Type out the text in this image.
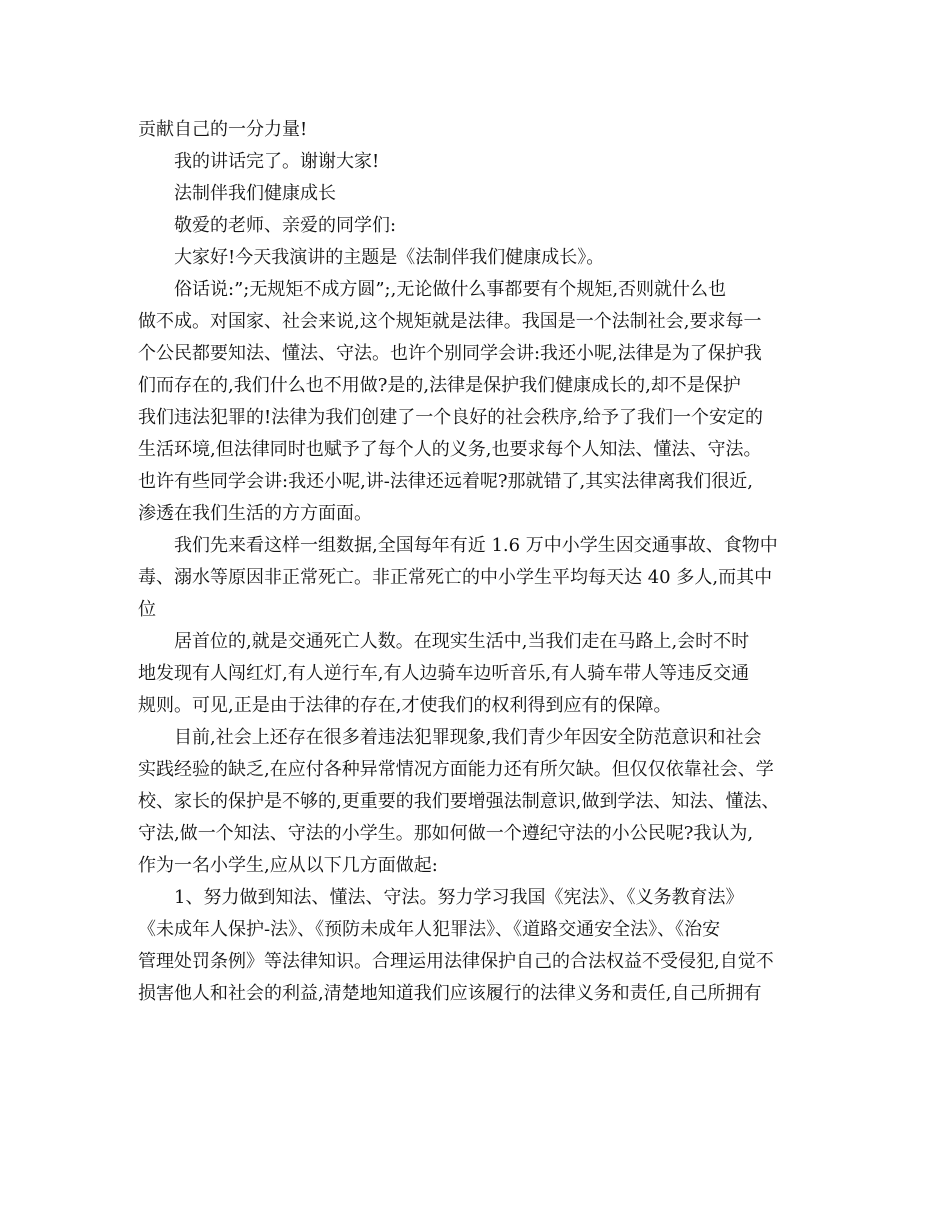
贡献自己的一分力量!
我的讲话完了。谢谢大家!
法制伴我们健康成长
敬爱的老师、亲爱的同学们:
大家好!今天我演讲的主题是《法制伴我们健康成长》。
俗话说:”;无规矩不成方圆”;,无论做什么事都要有个规矩,否则就什么也
做不成。对国家、社会来说,这个规矩就是法律。我国是一个法制社会,要求每一
个公民都要知法、懂法、守法。也许个别同学会讲:我还小呢,法律是为了保护我
们而存在的,我们什么也不用做?是的,法律是保护我们健康成长的,却不是保护
我们违法犯罪的!法律为我们创建了一个良好的社会秩序,给予了我们一个安定的
生活环境,但法律同时也赋予了每个人的义务,也要求每个人知法、懂法、守法。
也许有些同学会讲:我还小呢,讲-法律还远着呢?那就错了,其实法律离我们很近,
渗透在我们生活的方方面面。
我们先来看这样一组数据,全国每年有近 1.6 万中小学生因交通事故、食物中
毒、溺水等原因非正常死亡。非正常死亡的中小学生平均每天达 40 多人,而其中
位
居首位的,就是交通死亡人数。在现实生活中,当我们走在马路上,会时不时
地发现有人闯红灯,有人逆行车,有人边骑车边听音乐,有人骑车带人等违反交通
规则。可见,正是由于法律的存在,才使我们的权利得到应有的保障。
目前,社会上还存在很多着违法犯罪现象,我们青少年因安全防范意识和社会
实践经验的缺乏,在应付各种异常情况方面能力还有所欠缺。但仅仅依靠社会、学
校、家长的保护是不够的,更重要的我们要增强法制意识,做到学法、知法、懂法、
守法,做一个知法、守法的小学生。那如何做一个遵纪守法的小公民呢?我认为,
作为一名小学生,应从以下几方面做起:
1、努力做到知法、懂法、守法。努力学习我国《宪法》、《义务教育法》
《未成年人保护-法》、《预防未成年人犯罪法》、《道路交通安全法》、《治安
管理处罚条例》等法律知识。合理运用法律保护自己的合法权益不受侵犯,自觉不
损害他人和社会的利益,清楚地知道我们应该履行的法律义务和责任,自己所拥有
